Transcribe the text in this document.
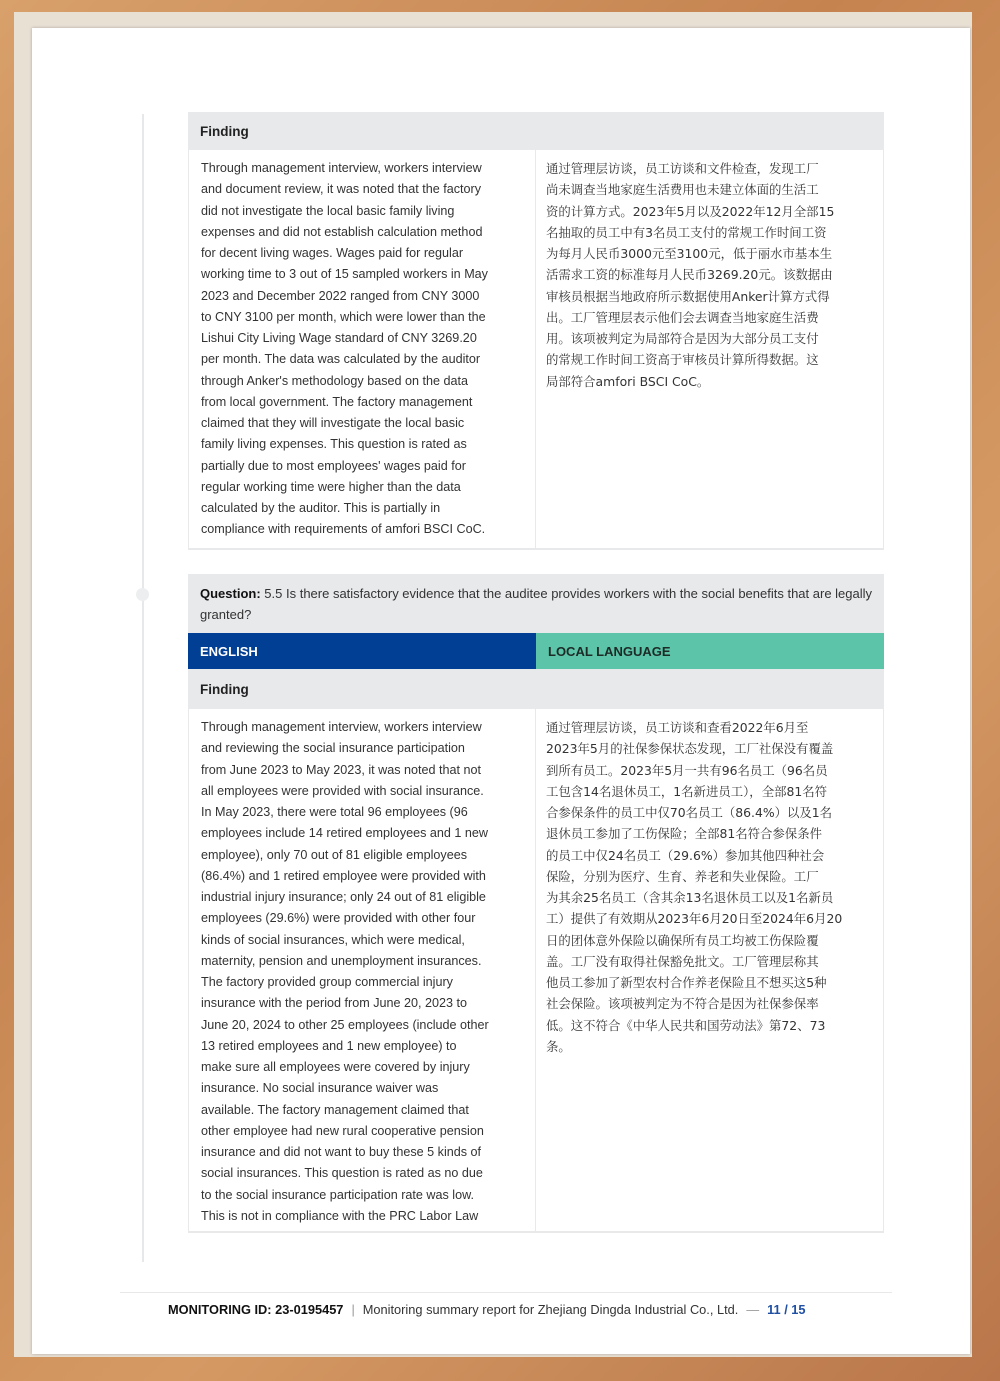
Finding
Through management interview, workers interview
and document review, it was noted that the factory
did not investigate the local basic family living
expenses and did not establish calculation method
for decent living wages. Wages paid for regular
working time to 3 out of 15 sampled workers in May
2023 and December 2022 ranged from CNY 3000
to CNY 3100 per month, which were lower than the
Lishui City Living Wage standard of CNY 3269.20
per month. The data was calculated by the auditor
through Anker's methodology based on the data
from local government. The factory management
claimed that they will investigate the local basic
family living expenses. This question is rated as
partially due to most employees' wages paid for
regular working time were higher than the data
calculated by the auditor. This is partially in
compliance with requirements of amfori BSCI CoC.
通过管理层访谈，员工访谈和文件检查，发现工厂
尚未调查当地家庭生活费用也未建立体面的生活工
资的计算方式。2023年5月以及2022年12月全部15
名抽取的员工中有3名员工支付的常规工作时间工资
为每月人民币3000元至3100元，低于丽水市基本生
活需求工资的标准每月人民币3269.20元。该数据由
审核员根据当地政府所示数据使用Anker计算方式得
出。工厂管理层表示他们会去调查当地家庭生活费
用。该项被判定为局部符合是因为大部分员工支付
的常规工作时间工资高于审核员计算所得数据。这
局部符合amfori BSCI CoC。
Question: 5.5 Is there satisfactory evidence that the auditee provides workers with the social benefits that are legally granted?
ENGLISH	LOCAL LANGUAGE
Finding
Through management interview, workers interview
and reviewing the social insurance participation
from June 2023 to May 2023, it was noted that not
all employees were provided with social insurance.
In May 2023, there were total 96 employees (96
employees include 14 retired employees and 1 new
employee), only 70 out of 81 eligible employees
(86.4%) and 1 retired employee were provided with
industrial injury insurance; only 24 out of 81 eligible
employees (29.6%) were provided with other four
kinds of social insurances, which were medical,
maternity, pension and unemployment insurances.
The factory provided group commercial injury
insurance with the period from June 20, 2023 to
June 20, 2024 to other 25 employees (include other
13 retired employees and 1 new employee) to
make sure all employees were covered by injury
insurance. No social insurance waiver was
available. The factory management claimed that
other employee had new rural cooperative pension
insurance and did not want to buy these 5 kinds of
social insurances. This question is rated as no due
to the social insurance participation rate was low.
This is not in compliance with the PRC Labor Law
通过管理层访谈，员工访谈和查看2022年6月至
2023年5月的社保参保状态发现，工厂社保没有覆盖
到所有员工。2023年5月一共有96名员工（96名员
工包含14名退休员工，1名新进员工），全部81名符
合参保条件的员工中仅70名员工（86.4%）以及1名
退休员工参加了工伤保险；全部81名符合参保条件
的员工中仅24名员工（29.6%）参加其他四种社会
保险，分别为医疗、生育、养老和失业保险。工厂
为其余25名员工（含其余13名退休员工以及1名新员
工）提供了有效期从2023年6月20日至2024年6月20
日的团体意外保险以确保所有员工均被工伤保险覆
盖。工厂没有取得社保豁免批文。工厂管理层称其
他员工参加了新型农村合作养老保险且不想买这5种
社会保险。该项被判定为不符合是因为社保参保率
低。这不符合《中华人民共和国劳动法》第72、73
条。
MONITORING ID: 23-0195457 | Monitoring summary report for Zhejiang Dingda Industrial Co., Ltd. — 11 / 15
